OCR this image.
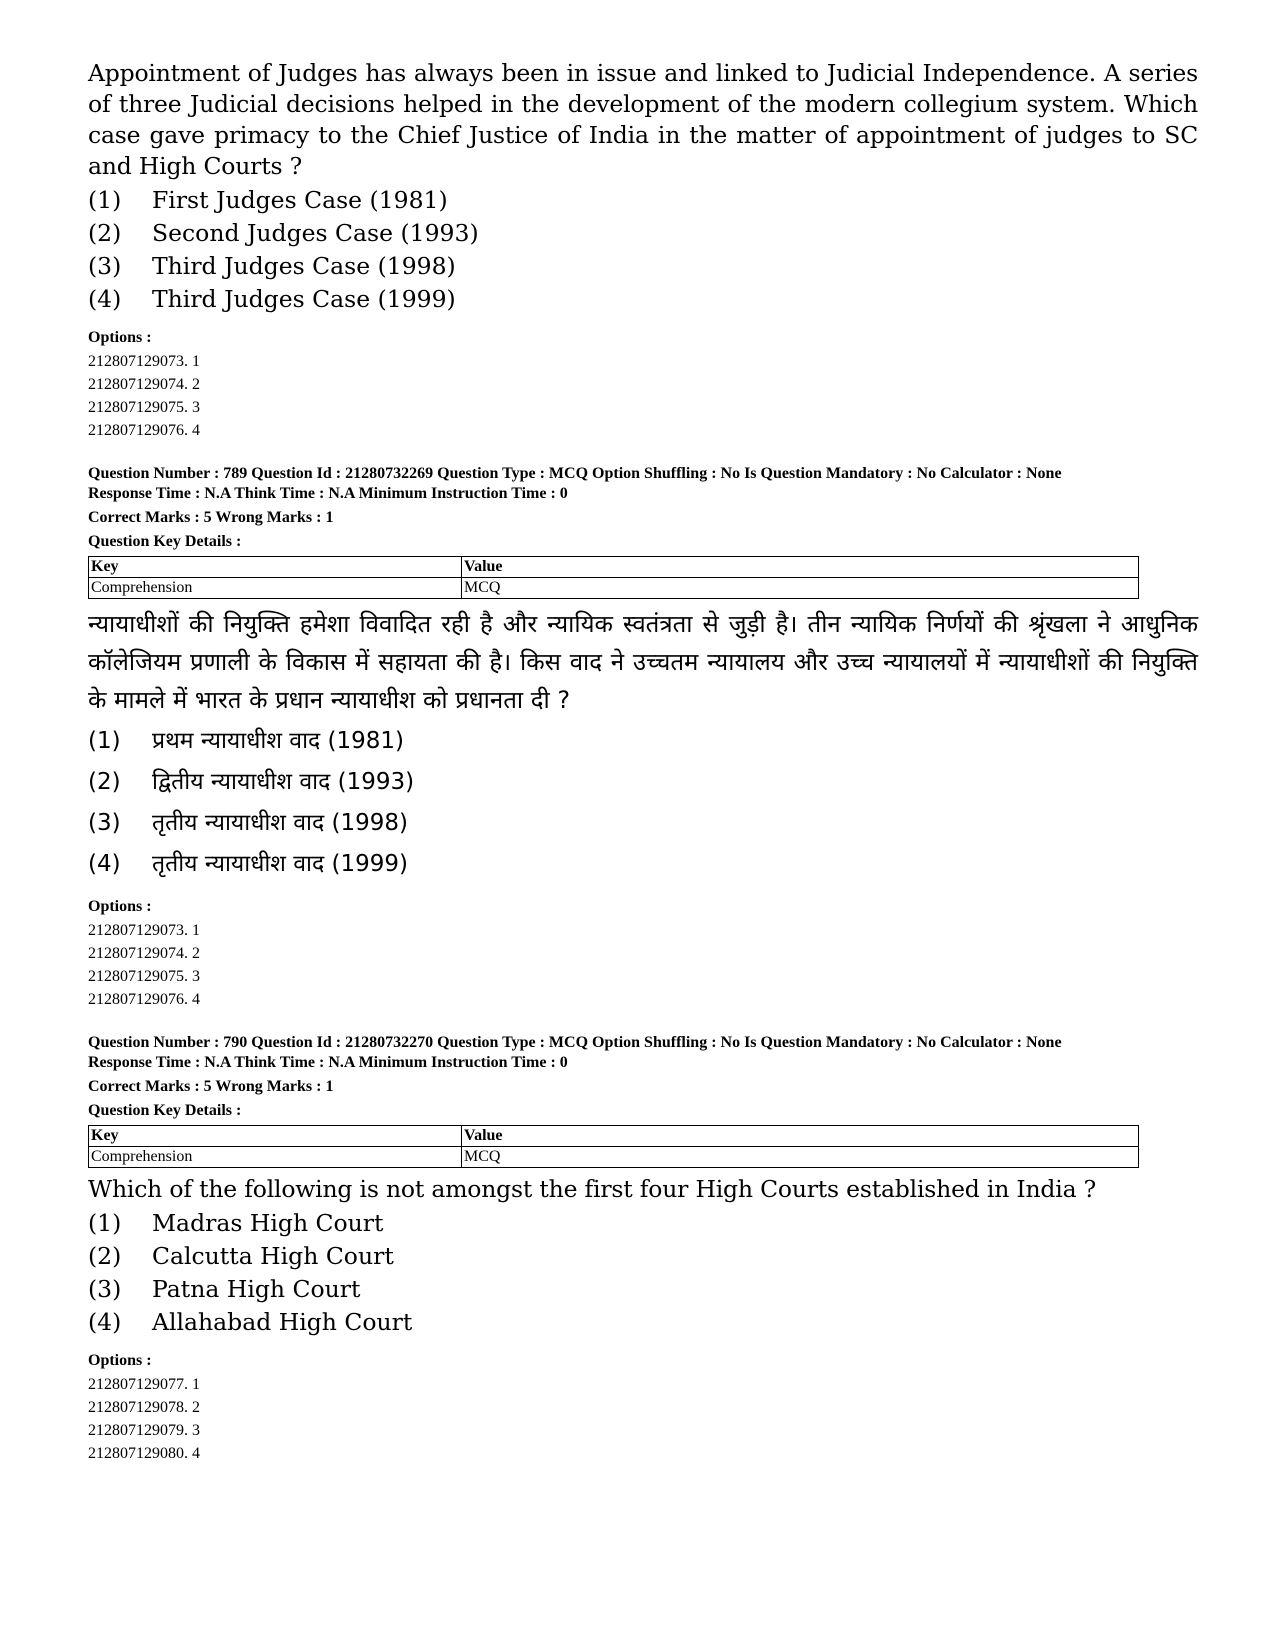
Appointment of Judges has always been in issue and linked to Judicial Independence. A series of three Judicial decisions helped in the development of the modern collegium system. Which case gave primacy to the Chief Justice of India in the matter of appointment of judges to SC and High Courts ?
(1)	First Judges Case (1981)
(2)	Second Judges Case (1993)
(3)	Third Judges Case (1998)
(4)	Third Judges Case (1999)
Options :
212807129073. 1
212807129074. 2
212807129075. 3
212807129076. 4
Question Number : 789 Question Id : 21280732269 Question Type : MCQ Option Shuffling : No Is Question Mandatory : No Calculator : None
Response Time : N.A Think Time : N.A Minimum Instruction Time : 0
Correct Marks : 5 Wrong Marks : 1
Question Key Details :
Key	Value
Comprehension	MCQ
न्यायाधीशों की नियुक्ति हमेशा विवादित रही है और न्यायिक स्वतंत्रता से जुड़ी है। तीन न्यायिक निर्णयों की श्रृंखला ने आधुनिक कॉलेजियम प्रणाली के विकास में सहायता की है। किस वाद ने उच्चतम न्यायालय और उच्च न्यायालयों में न्यायाधीशों की नियुक्ति के मामले में भारत के प्रधान न्यायाधीश को प्रधानता दी ?
(1)	प्रथम न्यायाधीश वाद (1981)
(2)	द्वितीय न्यायाधीश वाद (1993)
(3)	तृतीय न्यायाधीश वाद (1998)
(4)	तृतीय न्यायाधीश वाद (1999)
Options :
212807129073. 1
212807129074. 2
212807129075. 3
212807129076. 4
Question Number : 790 Question Id : 21280732270 Question Type : MCQ Option Shuffling : No Is Question Mandatory : No Calculator : None
Response Time : N.A Think Time : N.A Minimum Instruction Time : 0
Correct Marks : 5 Wrong Marks : 1
Question Key Details :
Key	Value
Comprehension	MCQ
Which of the following is not amongst the first four High Courts established in India ?
(1)	Madras High Court
(2)	Calcutta High Court
(3)	Patna High Court
(4)	Allahabad High Court
Options :
212807129077. 1
212807129078. 2
212807129079. 3
212807129080. 4
